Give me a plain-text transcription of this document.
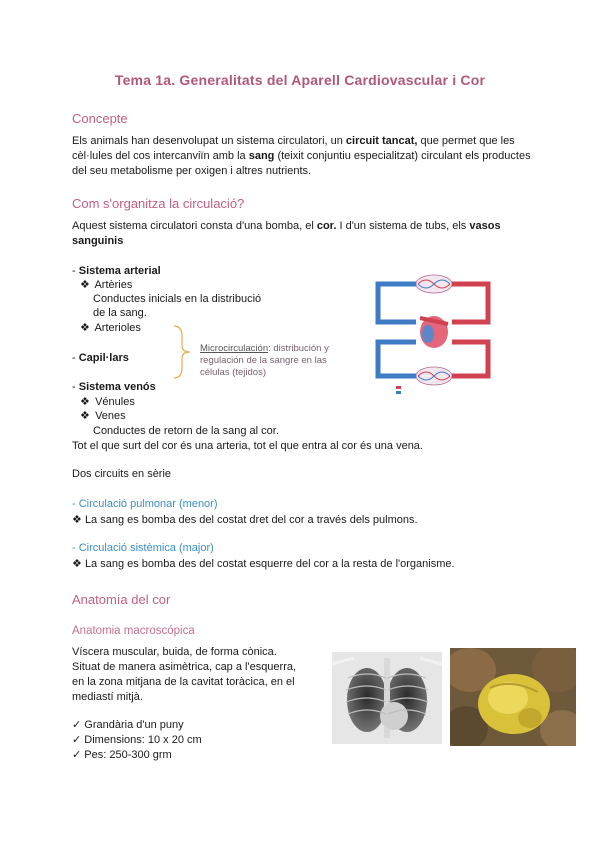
Tema 1a. Generalitats del Aparell Cardiovascular i Cor
Concepte
Els animals han desenvolupat un sistema circulatori, un circuit tancat, que permet que les cèl·lules del cos intercanviïn amb la sang (teixit conjuntiu especialitzat) circulant els productes del seu metabolisme per oxigen i altres nutrients.
Com s'organitza la circulació?
Aquest sistema circulatori consta d'una bomba, el cor. I d'un sistema de tubs, els vasos sanguinis
- Sistema arterial
❖ Artèries
Conductes inicials en la distribució
de la sang.
❖ Arterioles
- Capil·lars
- Sistema venós
❖ Vénules
❖ Venes
Conductes de retorn de la sang al cor.
Tot el que surt del cor és una arteria, tot el que entra al cor és una vena.
Microcirculación: distribución y
regulación de la sangre en las
células (tejidos)
Dos circuits en sèrie
- Circulació pulmonar (menor)
❖ La sang es bomba des del costat dret del cor a través dels pulmons.
- Circulació sistèmica (major)
❖ La sang es bomba des del costat esquerre del cor a la resta de l'organisme.
Anatomía del cor
Anatomia macroscópica
Víscera muscular, buida, de forma cònica.
Situat de manera asimètrica, cap a l'esquerra,
en la zona mitjana de la cavitat toràcica, en el
mediastí mitjà.
✓ Grandària d'un puny
✓ Dimensions: 10 x 20 cm
✓ Pes: 250-300 grm
